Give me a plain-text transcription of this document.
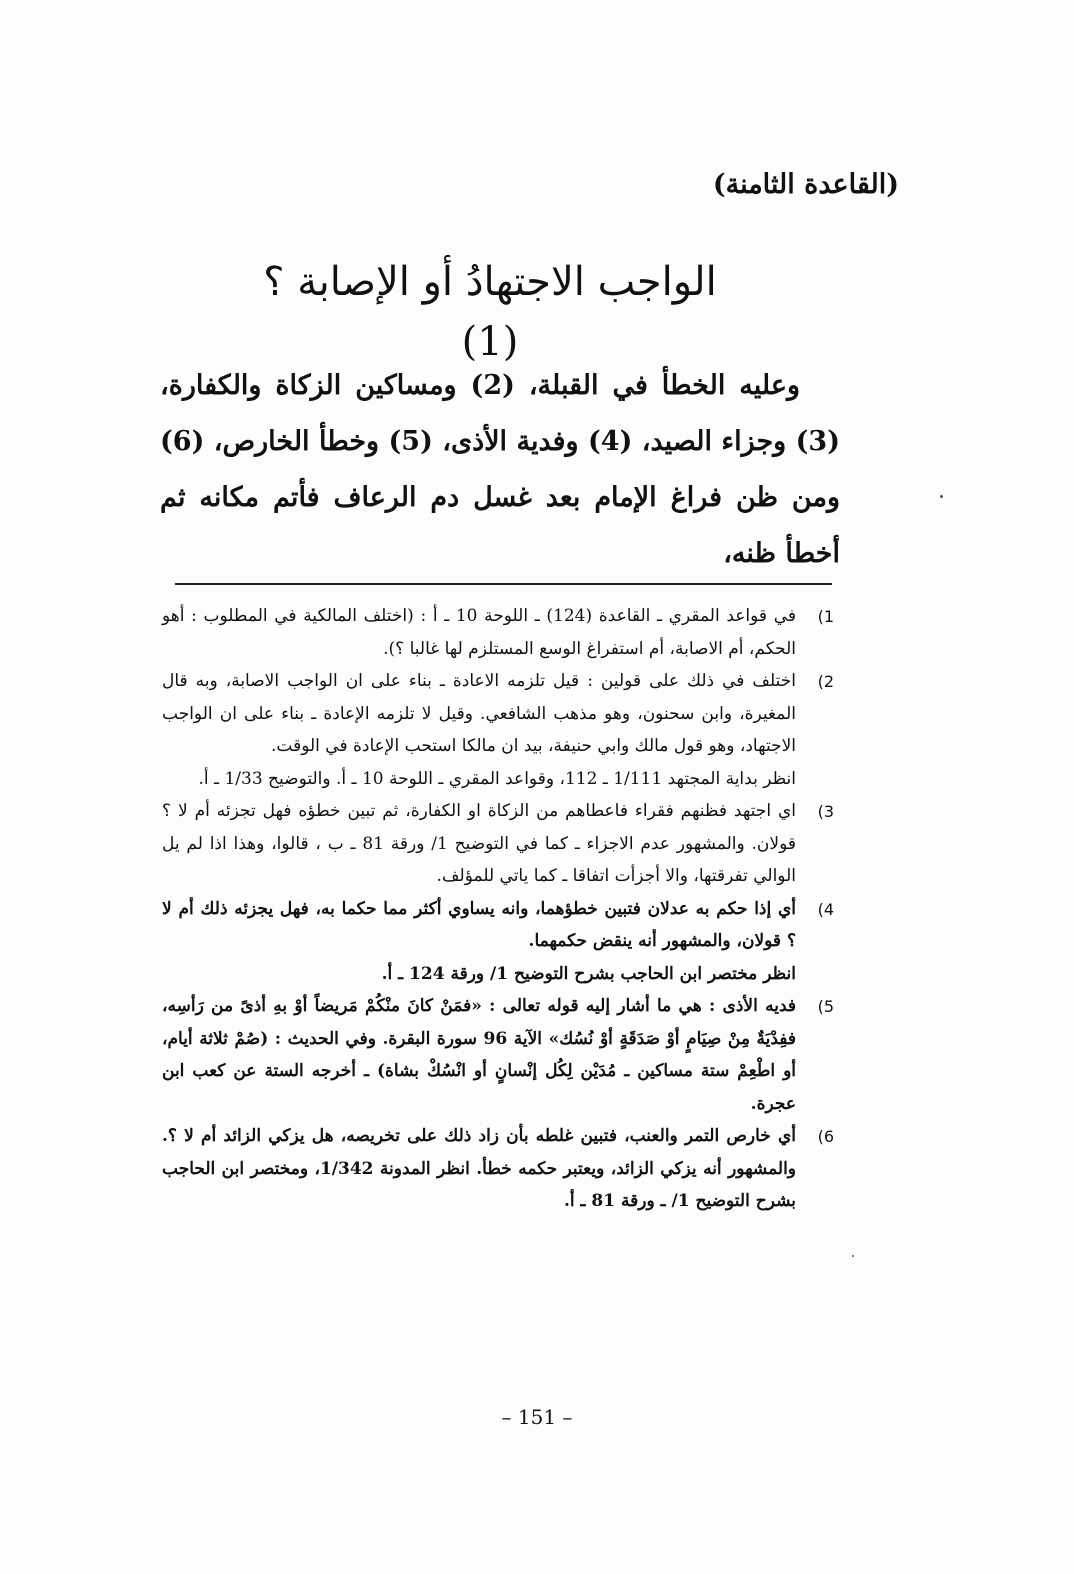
(القاعدة الثامنة)
الواجب الاجتهادُ أو الإصابة ؟ (1)

وعليه الخطأ في القبلة، (2) ومساكين الزكاة والكفارة، (3) وجزاء الصيد، (4) وفدية الأذى، (5) وخطأ الخارص، (6) ومن ظن فراغ الإمام بعد غسل دم الرعاف فأتم مكانه ثم أخطأ ظنه،

(1

في قواعد المقري ـ القاعدة (124) ـ اللوحة 10 ـ أ : (اختلف المالكية في المطلوب : أهو الحكم، أم الاصابة، أم استفراغ الوسع المستلزم لها غالبا ؟).

(2

اختلف في ذلك على قولين : قيل تلزمه الاعادة ـ بناء على ان الواجب الاصابة، وبه قال المغيرة، وابن سحنون، وهو مذهب الشافعي. وقيل لا تلزمه الإعادة ـ بناء على ان الواجب الاجتهاد، وهو قول مالك وابي حنيفة، بيد ان مالكا استحب الإعادة في الوقت.

انظر بداية المجتهد 1/111 ـ 112، وقواعد المقري ـ اللوحة 10 ـ أ. والتوضيح 1/33 ـ أ.

(3

اي اجتهد فظنهم فقراء فاعطاهم من الزكاة او الكفارة، ثم تبين خطؤه فهل تجزئه أم لا ؟ قولان. والمشهور عدم الاجزاء ـ كما في التوضيح 1/ ورقة 81 ـ ب ، قالوا، وهذا اذا لم يل الوالي تفرقتها، والا أجزأت اتفاقا ـ كما ياتي للمؤلف.

(4

أي إذا حكم به عدلان فتبين خطؤهما، وانه يساوي أكثر مما حكما به، فهل يجزئه ذلك أم لا ؟ قولان، والمشهور أنه ينقض حكمهما.

انظر مختصر ابن الحاجب بشرح التوضيح 1/ ورقة 124 ـ أ.

(5

فديه الأذى : هي ما أشار إليه قوله تعالى : «فمَنْ كانَ منْكُمْ مَريضاً أوْ بهِ أذىً من رَأسِه، ففِدْيَةٌ مِنْ صِيَامٍ أوْ صَدَقَةٍ أوْ نُسُك» الآية 96 سورة البقرة. وفي الحديث : (صُمْ ثلاثة أيام، أو اطْعِمْ ستة مساكين ـ مُدَيْن لِكُل إنْسانٍ أو انْسُكْ بشاة) ـ أخرجه الستة عن كعب ابن عجرة.

(6

أي خارص التمر والعنب، فتبين غلطه بأن زاد ذلك على تخريصه، هل يزكي الزائد أم لا ؟. والمشهور أنه يزكي الزائد، ويعتبر حكمه خطأ. انظر المدونة 1/342، ومختصر ابن الحاجب بشرح التوضيح 1/ ـ ورقة 81 ـ أ.

– 151 –
